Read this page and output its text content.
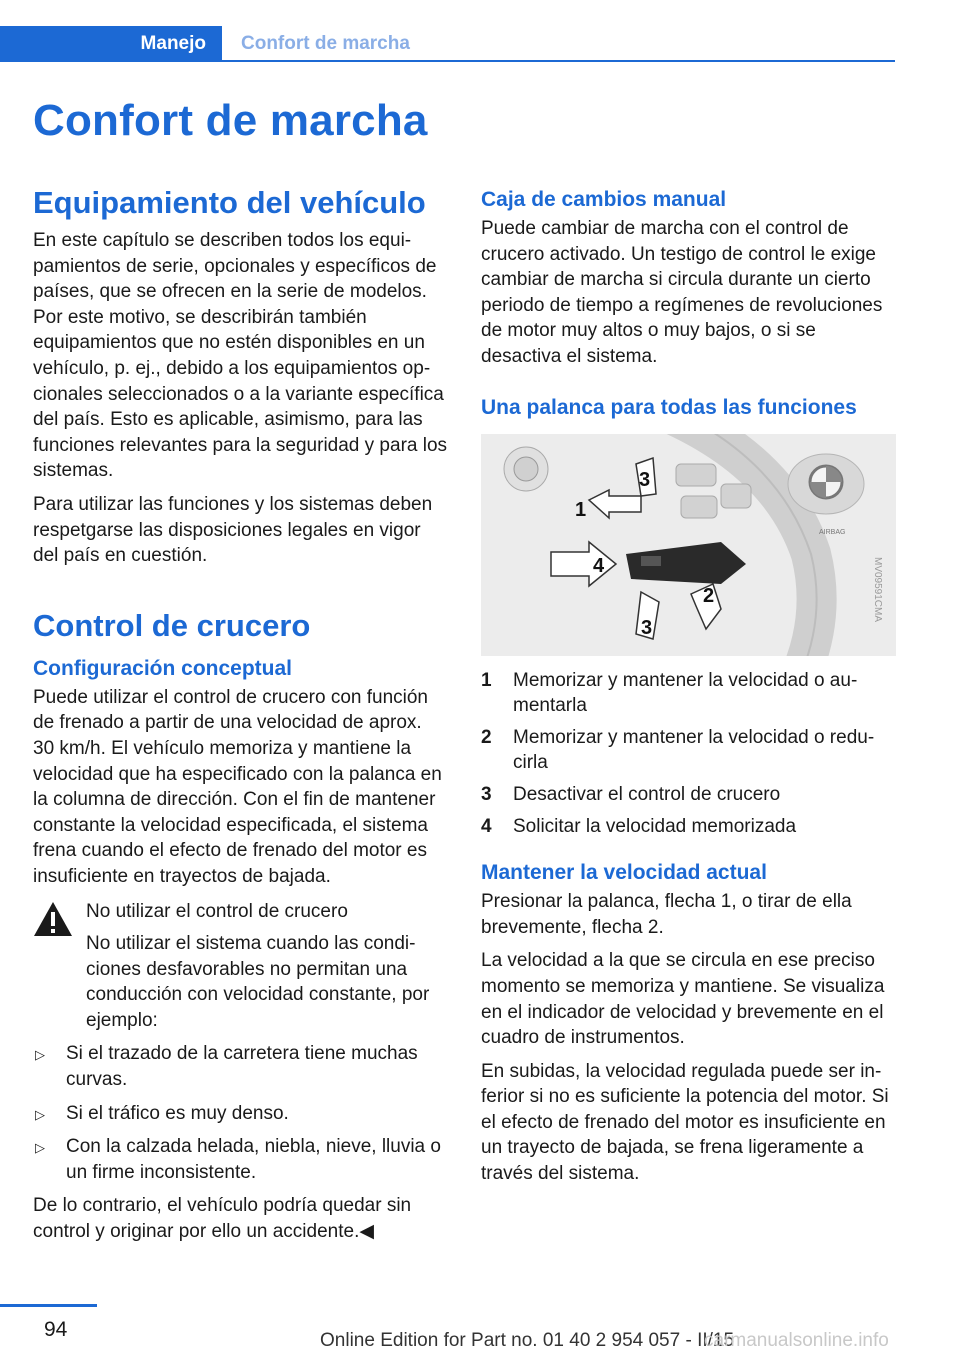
Manejo	Confort de marcha
Confort de marcha
Equipamiento del vehículo

En este capítulo se describen todos los equipamientos de serie, opcionales y específicos de países, que se ofrecen en la serie de modelos. Por este motivo, se describirán también equipamientos que no estén disponibles en un vehículo, p. ej., debido a los equipamientos opcionales seleccionados o a la variante específica del país. Esto es aplicable, asimismo, para las funciones relevantes para la seguridad y para los sistemas.

Para utilizar las funciones y los sistemas deben respetgarse las disposiciones legales en vigor del país en cuestión.

Control de crucero
Configuración conceptual

Puede utilizar el control de crucero con función de frenado a partir de una velocidad de aprox. 30 km/h. El vehículo memoriza y mantiene la velocidad que ha especificado con la palanca en la columna de dirección. Con el fin de mantener constante la velocidad especificada, el sistema frena cuando el efecto de frenado del motor es insuficiente en trayectos de bajada.

No utilizar el control de crucero

No utilizar el sistema cuando las condiciones desfavorables no permitan una conducción con velocidad constante, por ejemplo:

▷ Si el trazado de la carretera tiene muchas curvas.
▷ Si el tráfico es muy denso.
▷ Con la calzada helada, niebla, nieve, lluvia o un firme inconsistente.

De lo contrario, el vehículo podría quedar sin control y originar por ello un accidente.◀

Caja de cambios manual

Puede cambiar de marcha con el control de crucero activado. Un testigo de control le exige cambiar de marcha si circula durante un cierto periodo de tiempo a regímenes de revoluciones de motor muy altos o muy bajos, o si se desactiva el sistema.

Una palanca para todas las funciones
AIRBAG
1
2
3
4
3
MV09591CMA
1 Memorizar y mantener la velocidad o aumentarla
2 Memorizar y mantener la velocidad o reducirla
3 Desactivar el control de crucero
4 Solicitar la velocidad memorizada
Mantener la velocidad actual

Presionar la palanca, flecha 1, o tirar de ella brevemente, flecha 2.

La velocidad a la que se circula en ese preciso momento se memoriza y mantiene. Se visualiza en el indicador de velocidad y brevemente en el cuadro de instrumentos.

En subidas, la velocidad regulada puede ser inferior si no es suficiente la potencia del motor. Si el efecto de frenado del motor es insuficiente en un trayecto de bajada, se frena ligeramente a través del sistema.

94	Online Edition for Part no. 01 40 2 954 057 - II/15
carmanualsonline.info
